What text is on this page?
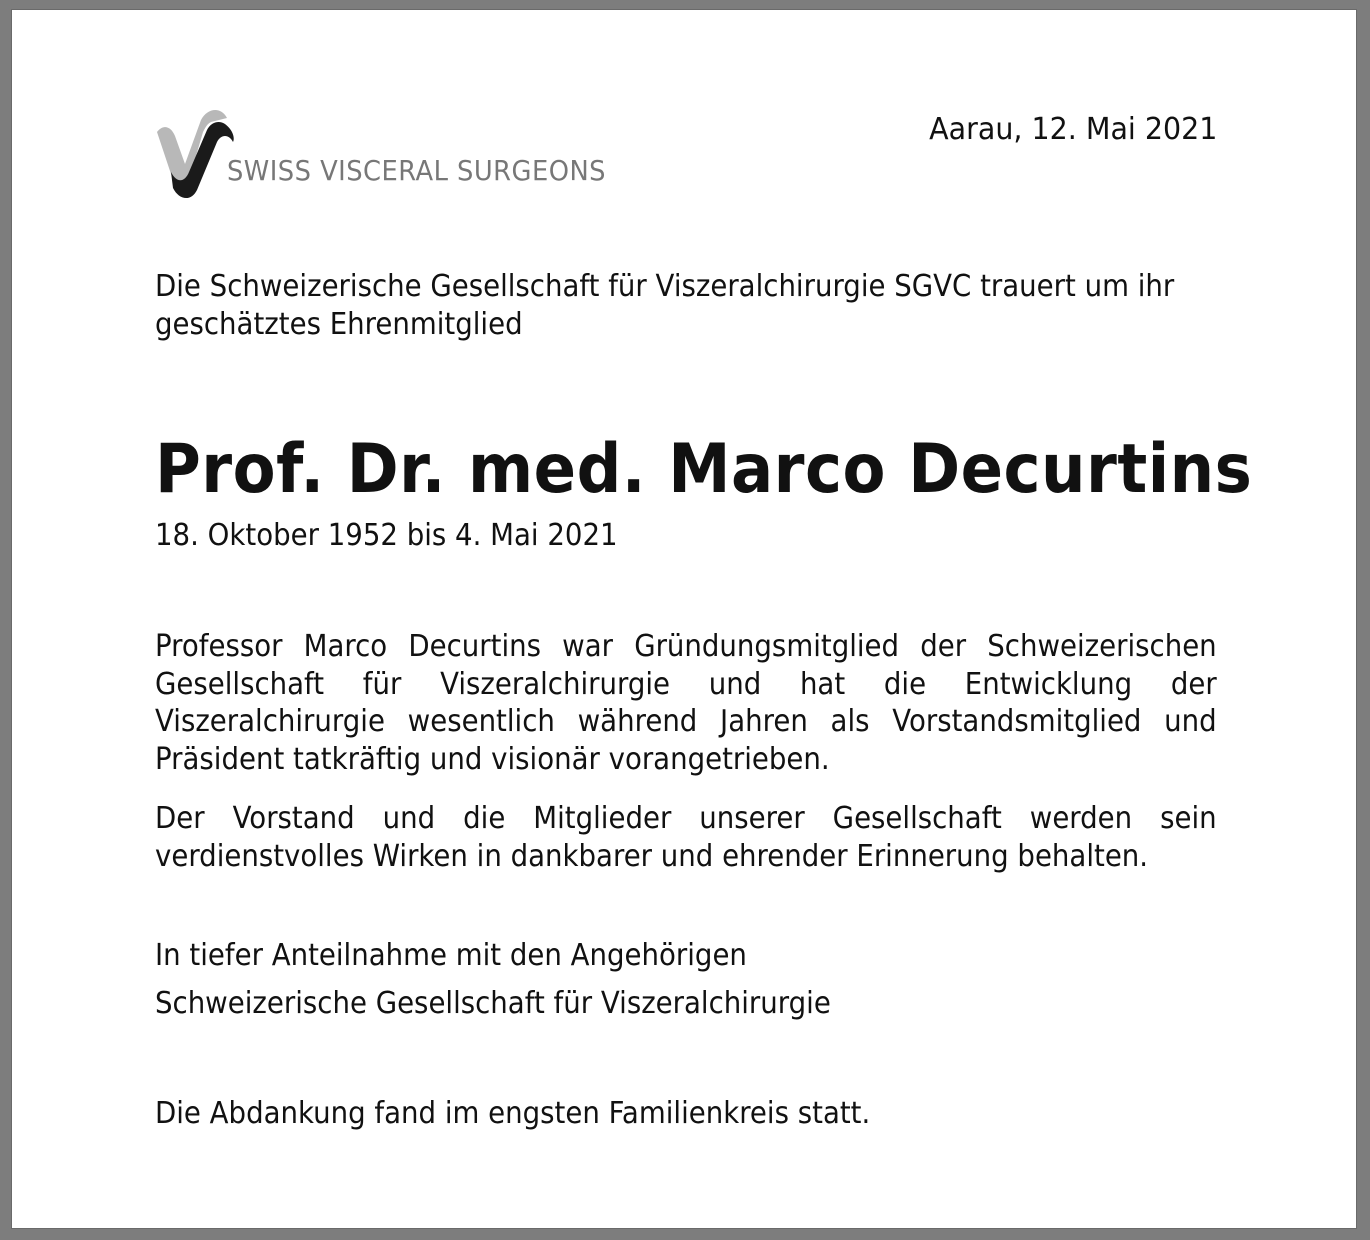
SWISS VISCERAL SURGEONS
Aarau, 12. Mai 2021
Die Schweizerische Gesellschaft für Viszeralchirurgie SGVC trauert um ihr geschätztes Ehrenmitglied
Prof. Dr. med. Marco Decurtins
18. Oktober 1952 bis 4. Mai 2021
Professor Marco Decurtins war Gründungsmitglied der Schweizerischen Gesellschaft für Viszeralchirurgie und hat die Entwicklung der Viszeralchirurgie wesentlich während Jahren als Vorstandsmitglied und Präsident tatkräftig und visionär vorangetrieben.
Der Vorstand und die Mitglieder unserer Gesellschaft werden sein verdienstvolles Wirken in dankbarer und ehrender Erinnerung behalten.
In tiefer Anteilnahme mit den Angehörigen
Schweizerische Gesellschaft für Viszeralchirurgie
Die Abdankung fand im engsten Familienkreis statt.
